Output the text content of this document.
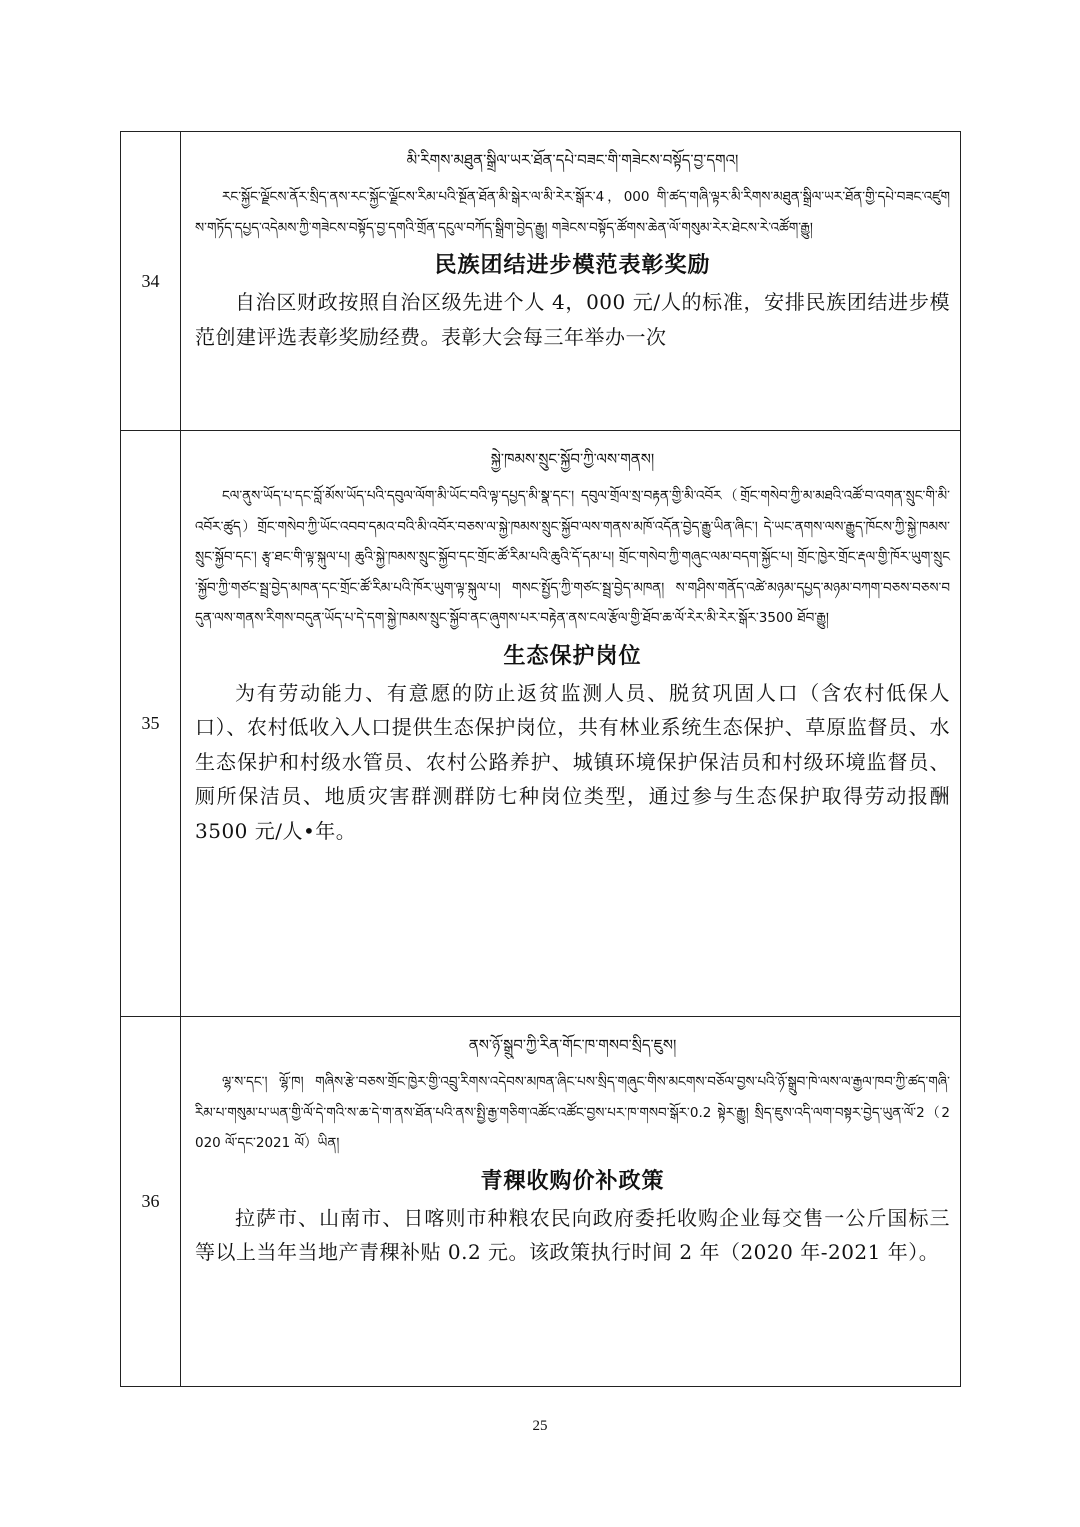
34	མི་རིགས་མཐུན་སྒྲིལ་ཡར་ཐོན་དཔེ་བཟང་གི་གཟེངས་བསྟོད་བྱ་དགའ།

རང་སྐྱོང་ལྗོངས་ནོར་སྲིད་ནས་རང་སྐྱོང་ལྗོངས་རིམ་པའི་སྔོན་ཐོན་མི་སྒེར་ལ་མི་རེར་སྒོར་4，000 གི་ཚད་གཞི་ལྟར་མི་རིགས་མཐུན་སྒྲིལ་ཡར་ཐོན་གྱི་དཔེ་བཟང་འཛུགས་གཏོད་དཔྱད་འདེམས་ཀྱི་གཟེངས་བསྟོད་བྱ་དགའི་གྲོན་དངུལ་བཀོད་སྒྲིག་བྱེད་རྒྱུ། གཟེངས་བསྟོད་ཚོགས་ཆེན་ལོ་གསུམ་རེར་ཐེངས་རེ་འཚོག་རྒྱུ།

民族团结进步模范表彰奖励

自治区财政按照自治区级先进个人 4，000 元/人的标准，安排民族团结进步模范创建评选表彰奖励经费。表彰大会每三年举办一次

35	སྐྱེ་ཁམས་སྲུང་སྐྱོབ་ཀྱི་ལས་གནས།

ངལ་ནུས་ཡོད་པ་དང་བློ་མོས་ཡོད་པའི་དབུལ་ལོག་མི་ཡོང་བའི་ལྟ་དཔྱད་མི་སྣ་དང་། དབུལ་གྲོལ་སྲ་བརྟན་གྱི་མི་འབོར（གྲོང་གསེབ་ཀྱི་མ་མཐའི་འཚོ་བ་འགན་སྲུང་གི་མི་འབོར་ཚུད）གྲོང་གསེབ་ཀྱི་ཡོང་འབབ་དམའ་བའི་མི་འབོར་བཅས་ལ་སྐྱེ་ཁམས་སྲུང་སྐྱོབ་ལས་གནས་མཁོ་འདོན་བྱེད་རྒྱུ་ཡིན་ཞིང་། དེ་ཡང་ནགས་ལས་རྒྱུད་ཁོངས་ཀྱི་སྐྱེ་ཁམས་སྲུང་སྐྱོབ་དང་། རྩྭ་ཐང་གི་ལྟ་སྐུལ་པ། ཆུའི་སྐྱེ་ཁམས་སྲུང་སྐྱོབ་དང་གྲོང་ཚོ་རིམ་པའི་ཆུའི་དོ་དམ་པ། གྲོང་གསེབ་ཀྱི་གཞུང་ལམ་བདག་སྐྱོང་པ། གྲོང་ཁྱེར་གྲོང་རྡལ་གྱི་ཁོར་ཡུག་སྲུང་སྐྱོབ་ཀྱི་གཙང་སྦྲ་བྱེད་མཁན་དང་གྲོང་ཚོ་རིམ་པའི་ཁོར་ཡུག་ལྟ་སྐུལ་པ། གསང་སྤྱོད་ཀྱི་གཙང་སྦྲ་བྱེད་མཁན། ས་གཤིས་གནོད་འཚེ་མཉམ་དཔྱད་མཉམ་བཀག་བཅས་བཅས་བདུན་ལས་གནས་རིགས་བདུན་ཡོད་པ་དེ་དག་སྐྱེ་ཁམས་སྲུང་སྐྱོབ་ནང་ཞུགས་པར་བརྟེན་ནས་ངལ་རྩོལ་གྱི་ཐོབ་ཆ་ལོ་རེར་མི་རེར་སྒོར་3500 ཐོབ་རྒྱུ།

生态保护岗位

为有劳动能力、有意愿的防止返贫监测人员、脱贫巩固人口（含农村低保人口）、农村低收入人口提供生态保护岗位，共有林业系统生态保护、草原监督员、水生态保护和村级水管员、农村公路养护、城镇环境保护保洁员和村级环境监督员、厕所保洁员、地质灾害群测群防七种岗位类型，通过参与生态保护取得劳动报酬 3500 元/人•年。

36	ནས་ཉོ་སྒྲུབ་ཀྱི་རིན་གོང་ཁ་གསབ་སྲིད་ཇུས།

ལྷ་ས་དང་། ལྷོ་ཁ། གཞིས་རྩེ་བཅས་གྲོང་ཁྱེར་གྱི་འབྲུ་རིགས་འདེབས་མཁན་ཞིང་པས་སྲིད་གཞུང་གིས་མངགས་བཅོལ་བྱས་པའི་ཉོ་སྒྲུབ་ཁེ་ལས་ལ་རྒྱལ་ཁབ་ཀྱི་ཚད་གཞི་རིམ་པ་གསུམ་པ་ཡན་གྱི་ལོ་དེ་གའི་ས་ཆ་དེ་ག་ནས་ཐོན་པའི་ནས་སྤྱི་རྒྱ་གཅིག་འཚོང་འཚོང་བྱས་པར་ཁ་གསབ་སྒོར་0.2 སྟེར་རྒྱུ། སྲིད་ཇུས་འདི་ལག་བསྟར་བྱེད་ཡུན་ལོ་2（2020 ལོ་དང་2021 ལོ）ཡིན།

青稞收购价补政策

拉萨市、山南市、日喀则市种粮农民向政府委托收购企业每交售一公斤国标三等以上当年当地产青稞补贴 0.2 元。该政策执行时间 2 年（2020 年-2021 年）。

25
